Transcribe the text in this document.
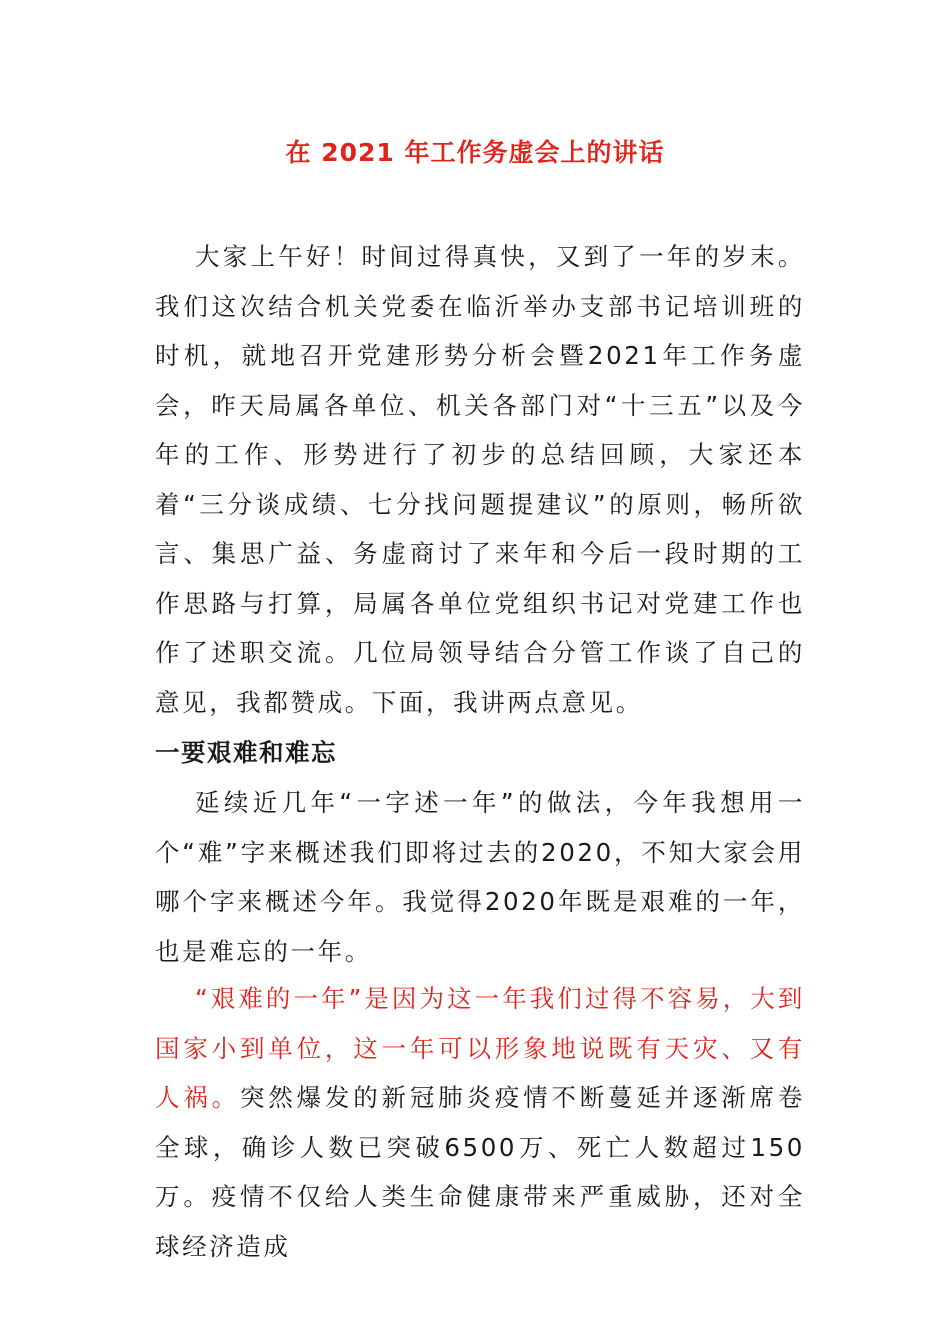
在 2021 年工作务虚会上的讲话

大家上午好！时间过得真快，又到了一年的岁末。我们这次结合机关党委在临沂举办支部书记培训班的时机，就地召开党建形势分析会暨2021年工作务虚会，昨天局属各单位、机关各部门对“十三五”以及今年的工作、形势进行了初步的总结回顾，大家还本着“三分谈成绩、七分找问题提建议”的原则，畅所欲言、集思广益、务虚商讨了来年和今后一段时期的工作思路与打算，局属各单位党组织书记对党建工作也作了述职交流。几位局领导结合分管工作谈了自己的意见，我都赞成。下面，我讲两点意见。

一要艰难和难忘

延续近几年“一字述一年”的做法，今年我想用一个“难”字来概述我们即将过去的2020，不知大家会用哪个字来概述今年。我觉得2020年既是艰难的一年，也是难忘的一年。

“艰难的一年”是因为这一年我们过得不容易，大到国家小到单位，这一年可以形象地说既有天灾、又有人祸。突然爆发的新冠肺炎疫情不断蔓延并逐渐席卷全球，确诊人数已突破6500万、死亡人数超过150万。疫情不仅给人类生命健康带来严重威胁，还对全球经济造成
